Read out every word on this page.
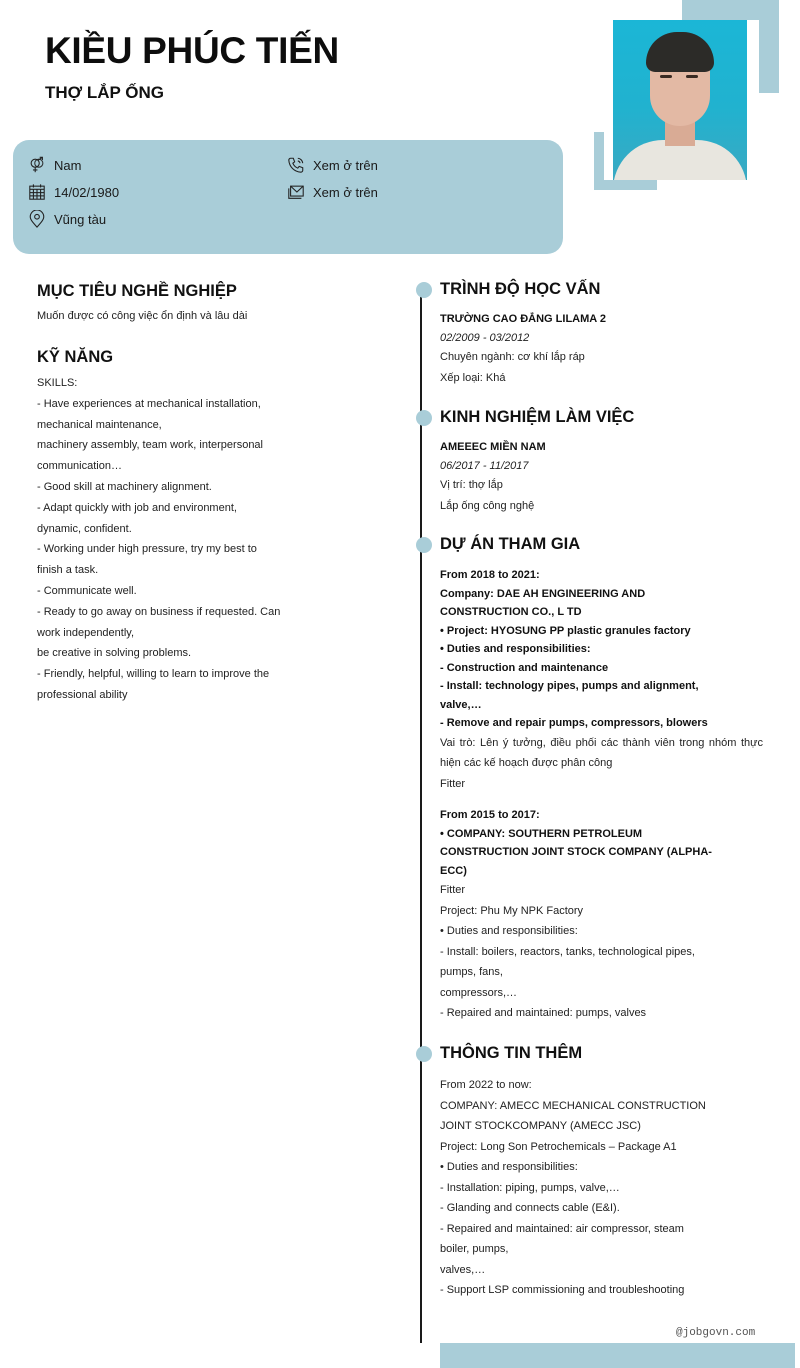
KIỀU PHÚC TIẾN
THỢ LẮP ỐNG
Nam
14/02/1980
Vũng tàu
Xem ở trên
Xem ở trên
MỤC TIÊU NGHỀ NGHIỆP
Muốn được có công việc ổn định và lâu dài
KỸ NĂNG
SKILLS:
- Have experiences at mechanical installation,
mechanical maintenance,
machinery assembly, team work, interpersonal
communication…
- Good skill at machinery alignment.
- Adapt quickly with job and environment,
dynamic, confident.
- Working under high pressure, try my best to
finish a task.
- Communicate well.
- Ready to go away on business if requested. Can
work independently,
be creative in solving problems.
- Friendly, helpful, willing to learn to improve the
professional ability
TRÌNH ĐỘ HỌC VẤN
TRƯỜNG CAO ĐẲNG LILAMA 2
02/2009 - 03/2012
Chuyên ngành: cơ khí lắp ráp
Xếp loại: Khá
KINH NGHIỆM LÀM VIỆC
AMEEEC MIỀN NAM
06/2017 - 11/2017
Vị trí: thợ lắp
Lắp ống công nghệ
DỰ ÁN THAM GIA
From 2018 to 2021:
Company: DAE AH ENGINEERING AND
CONSTRUCTION CO., L TD
• Project: HYOSUNG PP plastic granules factory
• Duties and responsibilities:
- Construction and maintenance
- Install: technology pipes, pumps and alignment,
valve,…
- Remove and repair pumps, compressors, blowers
Vai trò: Lên ý tưởng, điều phối các thành viên trong nhóm thực hiện các kế hoạch được phân công
Fitter
From 2015 to 2017:
• COMPANY: SOUTHERN PETROLEUM
CONSTRUCTION JOINT STOCK COMPANY (ALPHA-
ECC)
Fitter
Project: Phu My NPK Factory
• Duties and responsibilities:
- Install: boilers, reactors, tanks, technological pipes,
pumps, fans,
compressors,…
- Repaired and maintained: pumps, valves
THÔNG TIN THÊM
From 2022 to now:
COMPANY: AMECC MECHANICAL CONSTRUCTION
JOINT STOCKCOMPANY (AMECC JSC)
Project: Long Son Petrochemicals – Package A1
• Duties and responsibilities:
- Installation: piping, pumps, valve,…
- Glanding and connects cable (E&I).
- Repaired and maintained: air compressor, steam
boiler, pumps,
valves,…
- Support LSP commissioning and troubleshooting
@jobgovn.com
